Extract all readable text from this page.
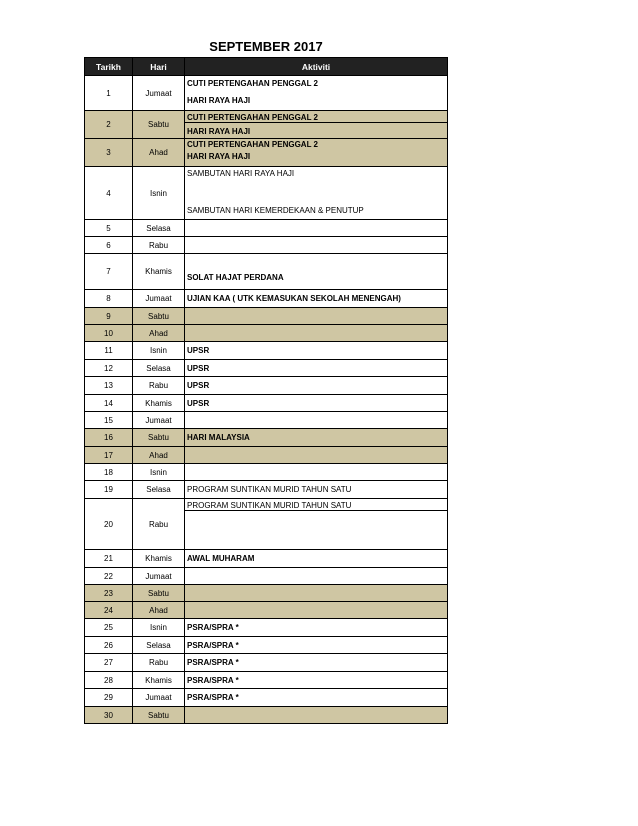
SEPTEMBER 2017
Tarikh	Hari	Aktiviti
1	Jumaat	CUTI PERTENGAHAN PENGGAL 2
HARI RAYA HAJI

2	Sabtu	CUTI PERTENGAHAN PENGGAL 2
HARI RAYA HAJI

3	Ahad	CUTI PERTENGAHAN PENGGAL 2
HARI RAYA HAJI

4	Isnin	SAMBUTAN HARI RAYA HAJI
SAMBUTAN HARI KEMERDEKAAN & PENUTUP

5	Selasa	
6	Rabu	
7	Khamis	SOLAT HAJAT PERDANA

8	Jumaat	UJIAN KAA ( UTK KEMASUKAN SEKOLAH MENENGAH)

9	Sabtu	
10	Ahad	
11	Isnin	UPSR

12	Selasa	UPSR

13	Rabu	UPSR

14	Khamis	UPSR

15	Jumaat	
16	Sabtu	HARI MALAYSIA

17	Ahad	
18	Isnin	
19	Selasa	PROGRAM SUNTIKAN MURID TAHUN SATU

20	Rabu	PROGRAM SUNTIKAN MURID TAHUN SATU

21	Khamis	AWAL MUHARAM

22	Jumaat	
23	Sabtu	
24	Ahad	
25	Isnin	PSRA/SPRA *

26	Selasa	PSRA/SPRA *

27	Rabu	PSRA/SPRA *

28	Khamis	PSRA/SPRA *

29	Jumaat	PSRA/SPRA *

30	Sabtu	
